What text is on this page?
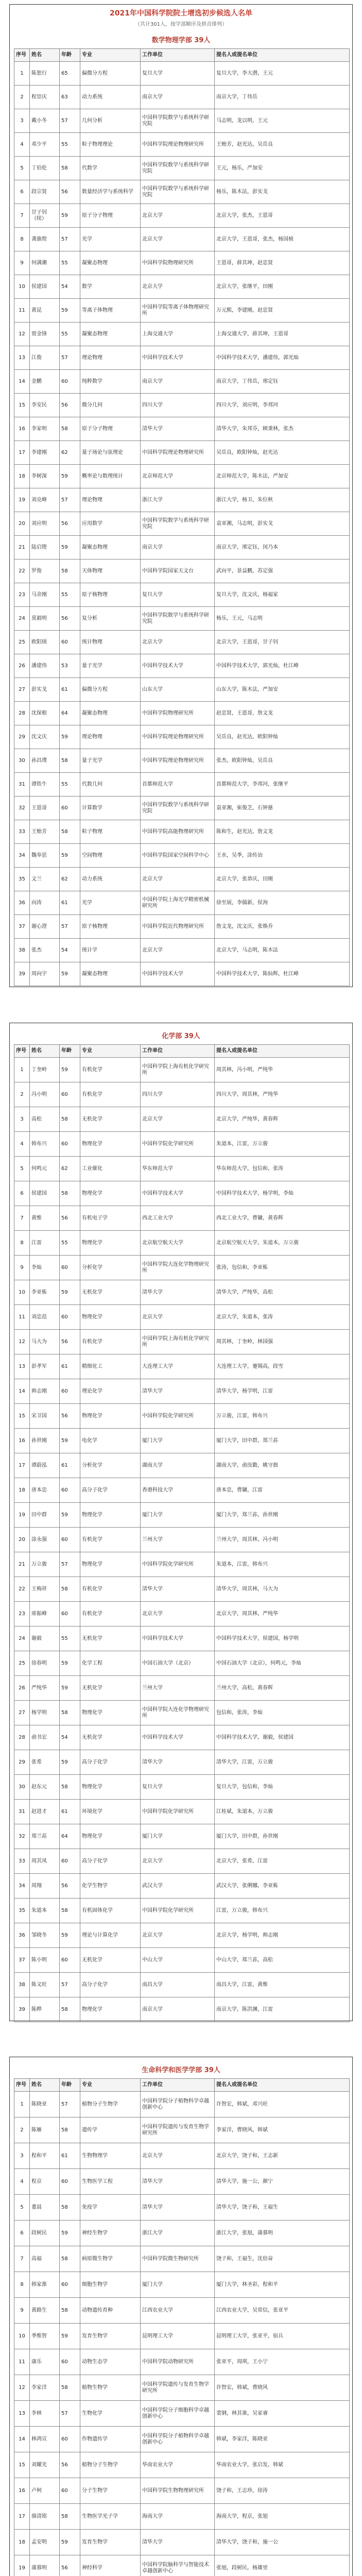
2021年中国科学院院士增选初步候选人名单
（共计301人，按学部顺序及拼音排列）
数学物理学部 39人
序号	姓名	年龄	专业	工作单位	提名人或提名单位
1	陈恕行	65	偏微分方程	复旦大学	复旦大学，李大潜，王元
2	程崇庆	63	动力系统	南京大学	南京大学，丁伟岳
3	戴小冬	57	几何分析	中国科学院数学与系统科学研究院	马志明，龙以明，王元
4	邓少平	55	粒子物理理论	中国科学院理论物理研究所	王贻芳，赵光达，吴岳良
5	丁伯伦	58	代数学	中国科学院数学与系统科学研究院	王元，杨乐，严加安
6	段宗贤	56	数量经济学与系统科学	中国科学院数学与系统科学研究院	杨乐，陈木法，彭实戈
7	甘子钊（续）	59	原子分子物理	北京大学	北京大学，张杰，王恩哥
8	龚旗煌	57	光学	北京大学	北京大学，王恩哥，张杰，杨国桢
9	何满潮	55	凝聚态物理	中国科学院物理研究所	王恩哥，薛其坤，赵忠贤
10	侯建国	54	数学	北京大学	北京大学，张继平，田刚
11	黄昆	59	等离子体物理	中国科学院等离子体物理研究所	万元熙，李建刚，赵忠贤
12	贾金锋	55	凝聚态物理	上海交通大学	上海交通大学，薛其坤，王恩哥
13	江俊	57	理论物理	中国科学技术大学	中国科学技术大学，潘建伟，郭光灿
14	金鹏	60	纯粹数学	南京大学	南京大学，丁伟岳，邢定钰
15	李安民	56	微分几何	四川大学	四川大学，刘应明，李邦河
16	李家明	58	原子分子物理	清华大学	清华大学，朱邦芬，顾秉林，张杰
17	李建刚	62	量子场论与弦理论	中国科学院理论物理研究所	吴岳良，欧阳钟灿，赵光达
18	李树深	59	概率论与数理统计	北京师范大学	北京师范大学，陈木法，严加安
19	刘克峰	57	理论物理	浙江大学	浙江大学，杨卫，朱位秋
20	刘应明	56	应用数学	中国科学院数学与系统科学研究院	袁亚湘，马志明，彭实戈
21	陆启铿	59	凝聚态物理	南京大学	南京大学，邢定钰，闵乃本
22	罗俊	58	天体物理	中国科学院国家天文台	武向平，景益鹏，苏定强
23	马余刚	55	原子核物理	复旦大学	复旦大学，沈文庆，杨福家
24	莫毅明	56	复分析	中国科学院数学与系统科学研究院	杨乐，王元，马志明
25	欧阳颀	60	统计物理	北京大学	北京大学，王恩哥，甘子钊
26	潘建伟	53	量子光学	中国科学技术大学	中国科学技术大学，郭光灿，杜江峰
27	彭实戈	61	偏微分方程	山东大学	山东大学，陈木法，严加安
28	沈保根	64	凝聚态物理	中国科学院物理研究所	赵忠贤，王恩哥，詹文龙
29	沈文庆	59	理论物理	中国科学院理论物理研究所	吴岳良，赵光达，欧阳钟灿
30	孙昌璞	58	量子光学	中国科学院理论物理研究所	张杰，欧阳钟灿，吴岳良
31	谭铁牛	55	代数几何	首都师范大学	首都师范大学，李邦河，张继平
32	王恩哥	60	计算数学	中国科学院数学与系统科学研究院	袁亚湘，崔俊芝，石钟慈
33	王贻芳	58	粒子物理	中国科学院高能物理研究所	陈和生，赵光达，詹文龙
34	魏奉思	59	空间物理	中国科学院国家空间科学中心	王水，吴季，涂传诒
35	文兰	62	动力系统	北京大学	北京大学，张恭庆，田刚
36	向涛	61	光学	中国科学院上海光学精密机械研究所	徐至展，李儒新，侯洵
37	谢心澄	57	原子核物理	中国科学院近代物理研究所	詹文龙，沈文庆，张焕乔
38	张杰	54	统计学	北京大学	北京大学，马志明，陈木法
39	周向宇	59	凝聚态物理	中国科学技术大学	中国科学技术大学，陈仙辉，杜江峰
化学部 39人
序号	姓名	年龄	专业	工作单位	提名人或提名单位
1	丁奎岭	59	有机化学	中国科学院上海有机化学研究所	周其林，冯小明，严纯华
2	冯小明	60	有机化学	四川大学	四川大学，周其林，严纯华
3	高松	58	无机化学	北京大学	北京大学，严纯华，黄春辉
4	韩布兴	60	物理化学	中国科学院化学研究所	朱道本，江雷，万立骏
5	何鸣元	62	工业催化	华东师范大学	华东师范大学，包信和，张涛
6	侯建国	58	物理化学	中国科学技术大学	中国科学技术大学，杨学明，李灿
7	黄维	56	有机电子学	西北工业大学	西北工业大学，曹镛，黄春辉
8	江雷	55	物理化学	北京航空航天大学	北京航空航天大学，朱道本，万立骏
9	李灿	60	分析化学	中国科学院大连化学物理研究所	张涛，包信和，李亚栋
10	李亚栋	59	无机化学	清华大学	清华大学，严纯华，高松
11	刘忠范	60	物理化学	北京大学	北京大学，朱道本，张涛
12	马大为	56	有机化学	中国科学院上海有机化学研究所	周其林，丁奎岭，林国强
13	彭孝军	61	精细化工	大连理工大学	大连理工大学，蹇锡高，段雪
14	帅志刚	60	理论化学	清华大学	清华大学，杨学明，江雷
15	宋卫国	56	物理化学	中国科学院化学研究所	万立骏，江雷，韩布兴
16	孙世刚	59	电化学	厦门大学	厦门大学，田中群，郑兰荪
17	谭蔚泓	61	分析化学	湖南大学	湖南大学，俞汝勤，姚守拙
18	唐本忠	60	高分子化学	香港科技大学	唐本忠，曹镛，江雷
19	田中群	59	物理化学	厦门大学	厦门大学，郑兰荪，孙世刚
20	涂永强	60	有机化学	兰州大学	兰州大学，周其林，冯小明
21	万立骏	57	物理化学	中国科学院化学研究所	朱道本，江雷，韩布兴
22	王梅祥	58	有机化学	清华大学	清华大学，周其林，马大为
23	席振峰	60	有机化学	北京大学	北京大学，周其林，严纯华
24	谢毅	55	无机化学	中国科学技术大学	中国科学技术大学，侯建国，杨学明
25	徐春明	59	化学工程	中国石油大学（北京）	中国石油大学（北京），何鸣元，李灿
26	严纯华	59	无机化学	兰州大学	兰州大学，高松，黄春辉
27	杨学明	58	物理化学	中国科学院大连化学物理研究所	包信和，张涛，李灿
28	俞书宏	54	无机化学	中国科学技术大学	中国科学技术大学，谢毅，侯建国
29	张希	59	高分子化学	清华大学	清华大学，江雷，万立骏
30	赵东元	58	物理化学	复旦大学	复旦大学，包信和，李灿
31	赵进才	61	环境化学	中国科学院化学研究所	江桂斌，朱道本，万立骏
32	郑兰荪	64	物理化学	厦门大学	厦门大学，田中群，孙世刚
33	周其凤	60	高分子化学	北京大学	北京大学，张希，江雷
34	周翔	56	化学生物学	武汉大学	武汉大学，张俐娜，李亚栋
35	朱道本	58	有机固体化学	中国科学院化学研究所	江雷，万立骏，韩布兴
36	邹晓冬	59	理论与计算化学	北京大学	北京大学，杨学明，帅志刚
37	陈小明	60	无机化学	中山大学	中山大学，郑兰荪，高松
38	陈义旺	57	高分子化学	南昌大学	南昌大学，江雷，黄维
39	陈晔	58	物理化学	南京大学	南京大学，陈洪渊，江雷
生命科学和医学学部 39人
序号	姓名	年龄	专业	工作单位	提名人或提名单位
1	陈晓亚	57	植物分子生物学	中国科学院分子植物科学卓越创新中心	许智宏，韩斌，邓兴旺
2	陈雁	58	遗传学	中国科学院遗传与发育生物学研究所	李家洋，曹晓风，韩斌
3	程和平	61	生物物理学	北京大学	北京大学，饶子和，王志新
4	程京	60	生物医学工程	清华大学	清华大学，施一公，颜宁
5	董晨	58	免疫学	清华大学	清华大学，饶子和，王福生
6	段树民	59	神经生物学	浙江大学	浙江大学，张旭，蒲慕明
7	高福	58	病原微生物学	中国科学院微生物研究所	饶子和，王福生，沈倍奋
8	韩家淮	60	细胞生物学	厦门大学	厦门大学，林圣彩，程和平
9	黄路生	58	动物遗传育种	江西农业大学	江西农业大学，吴常信，张亚平
10	季维智	59	发育生物学	昆明理工大学	昆明理工大学，张亚平，宿兵
11	康乐	60	动物生态学	中国科学院动物研究所	张亚平，周琪，王小宁
12	李家洋	58	植物生物学	中国科学院遗传与发育生物学研究所	许智宏，韩斌，曹晓风
13	李林	57	生物化学	中国科学院分子细胞科学卓越创新中心	裴钢，林其谁，吴家睿
14	林鸿宣	60	作物遗传学	中国科学院分子植物科学卓越创新中心	韩斌，李家洋，陈晓亚
15	刘耀光	56	植物分子生物学	华南农业大学	华南农业大学，张启发，韩斌
16	卢柯	60	分子生物学	中国科学院生物物理研究所	饶子和，王志珍，徐涛
17	骆清铭	58	生物医学光子学	海南大学	海南大学，程京，张旭
18	孟安明	59	发育生物学	清华大学	清华大学，饶子和，施一公
19	蒲慕明	56	神经科学	中国科学院脑科学与智能技术卓越创新中心	张旭，段树民，杨雄里
